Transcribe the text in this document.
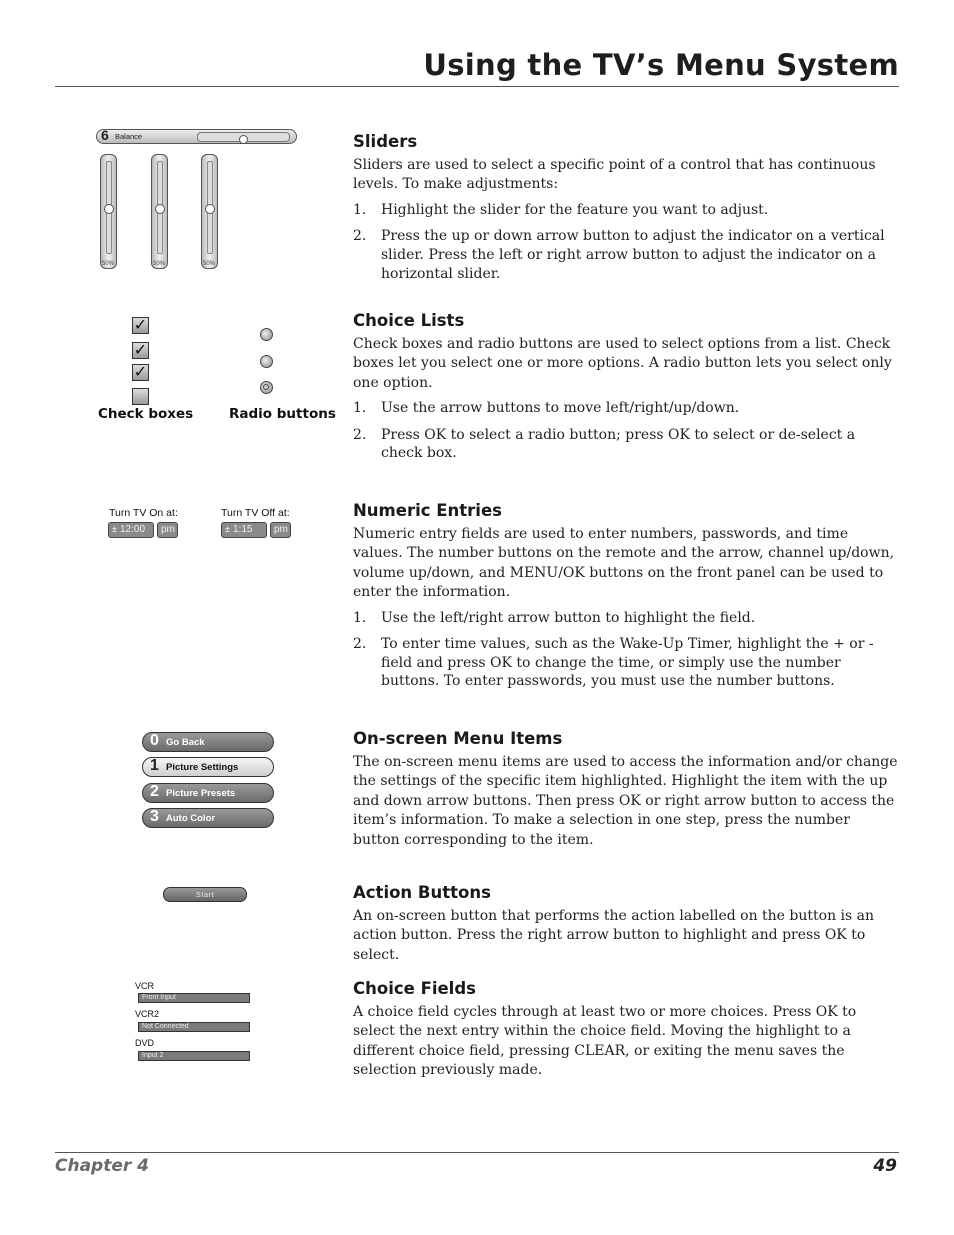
Using the TV’s Menu System
6 Balance
50%	50%	50%
✓
✓
✓
Check boxes	Radio buttons
Turn TV On at:
± 12:00	pm
Turn TV Off at:
± 1:15	pm
0 Go Back
1 Picture Settings
2 Picture Presets
3 Auto Color
Start
VCR
Front Input
VCR2
Not Connected
DVD
Input 2
Sliders

Sliders are used to select a specific point of a control that has continuous levels. To make adjustments:

1. Highlight the slider for the feature you want to adjust.
2. Press the up or down arrow button to adjust the indicator on a vertical slider. Press the left or right arrow button to adjust the indicator on a horizontal slider.
Choice Lists

Check boxes and radio buttons are used to select options from a list. Check boxes let you select one or more options. A radio button lets you select only one option.

1. Use the arrow buttons to move left/right/up/down.
2. Press OK to select a radio button; press OK to select or de-select a check box.
Numeric Entries

Numeric entry fields are used to enter numbers, passwords, and time values. The number buttons on the remote and the arrow, channel up/down, volume up/down, and MENU/OK buttons on the front panel can be used to enter the information.

1. Use the left/right arrow button to highlight the field.
2. To enter time values, such as the Wake-Up Timer, highlight the + or - field and press OK to change the time, or simply use the number buttons. To enter passwords, you must use the number buttons.
On-screen Menu Items

The on-screen menu items are used to access the information and/or change the settings of the specific item highlighted. Highlight the item with the up and down arrow buttons. Then press OK or right arrow button to access the item’s information. To make a selection in one step, press the number button corresponding to the item.

Action Buttons

An on-screen button that performs the action labelled on the button is an action button. Press the right arrow button to highlight and press OK to select.

Choice Fields

A choice field cycles through at least two or more choices. Press OK to select the next entry within the choice field. Moving the highlight to a different choice field, pressing CLEAR, or exiting the menu saves the selection previously made.

Chapter 4	49
